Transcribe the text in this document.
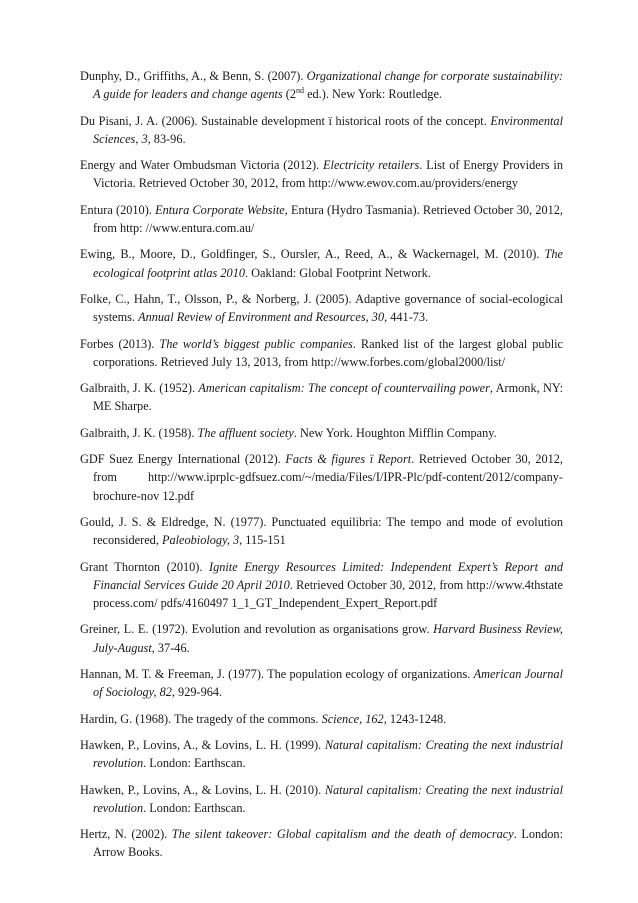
Dunphy, D., Griffiths, A., & Benn, S. (2007). Organizational change for corporate sustainability: A guide for leaders and change agents (2nd ed.). New York: Routledge.

Du Pisani, J. A. (2006). Sustainable development ï historical roots of the concept. Environmental Sciences, 3, 83-96.

Energy and Water Ombudsman Victoria (2012). Electricity retailers. List of Energy Providers in Victoria. Retrieved October 30, 2012, from http://www.ewov.com.au/providers/energy

Entura (2010). Entura Corporate Website, Entura (Hydro Tasmania). Retrieved October 30, 2012, from http: //www.entura.com.au/

Ewing, B., Moore, D., Goldfinger, S., Oursler, A., Reed, A., & Wackernagel, M. (2010). The ecological footprint atlas 2010. Oakland: Global Footprint Network.

Folke, C., Hahn, T., Olsson, P., & Norberg, J. (2005). Adaptive governance of social-ecological systems. Annual Review of Environment and Resources, 30, 441-73.

Forbes (2013). The world’s biggest public companies. Ranked list of the largest global public corporations. Retrieved July 13, 2013, from http://www.forbes.com/global2000/list/

Galbraith, J. K. (1952). American capitalism: The concept of countervailing power, Armonk, NY: ME Sharpe.

Galbraith, J. K. (1958). The affluent society. New York. Houghton Mifflin Company.

GDF Suez Energy International (2012). Facts & figures ï Report. Retrieved October 30, 2012, from http://www.iprplc-gdfsuez.com/~/media/Files/I/IPR-Plc/pdf-content/2012/company-brochure-nov 12.pdf

Gould, J. S. & Eldredge, N. (1977). Punctuated equilibria: The tempo and mode of evolution reconsidered, Paleobiology, 3, 115-151

Grant Thornton (2010). Ignite Energy Resources Limited: Independent Expert’s Report and Financial Services Guide 20 April 2010. Retrieved October 30, 2012, from http://www.4thstate process.com/ pdfs/4160497 1_1_GT_Independent_Expert_Report.pdf

Greiner, L. E. (1972). Evolution and revolution as organisations grow. Harvard Business Review, July-August, 37-46.

Hannan, M. T. & Freeman, J. (1977). The population ecology of organizations. American Journal of Sociology, 82, 929-964.

Hardin, G. (1968). The tragedy of the commons. Science, 162, 1243-1248.

Hawken, P., Lovins, A., & Lovins, L. H. (1999). Natural capitalism: Creating the next industrial revolution. London: Earthscan.

Hawken, P., Lovins, A., & Lovins, L. H. (2010). Natural capitalism: Creating the next industrial revolution. London: Earthscan.

Hertz, N. (2002). The silent takeover: Global capitalism and the death of democracy. London: Arrow Books.
